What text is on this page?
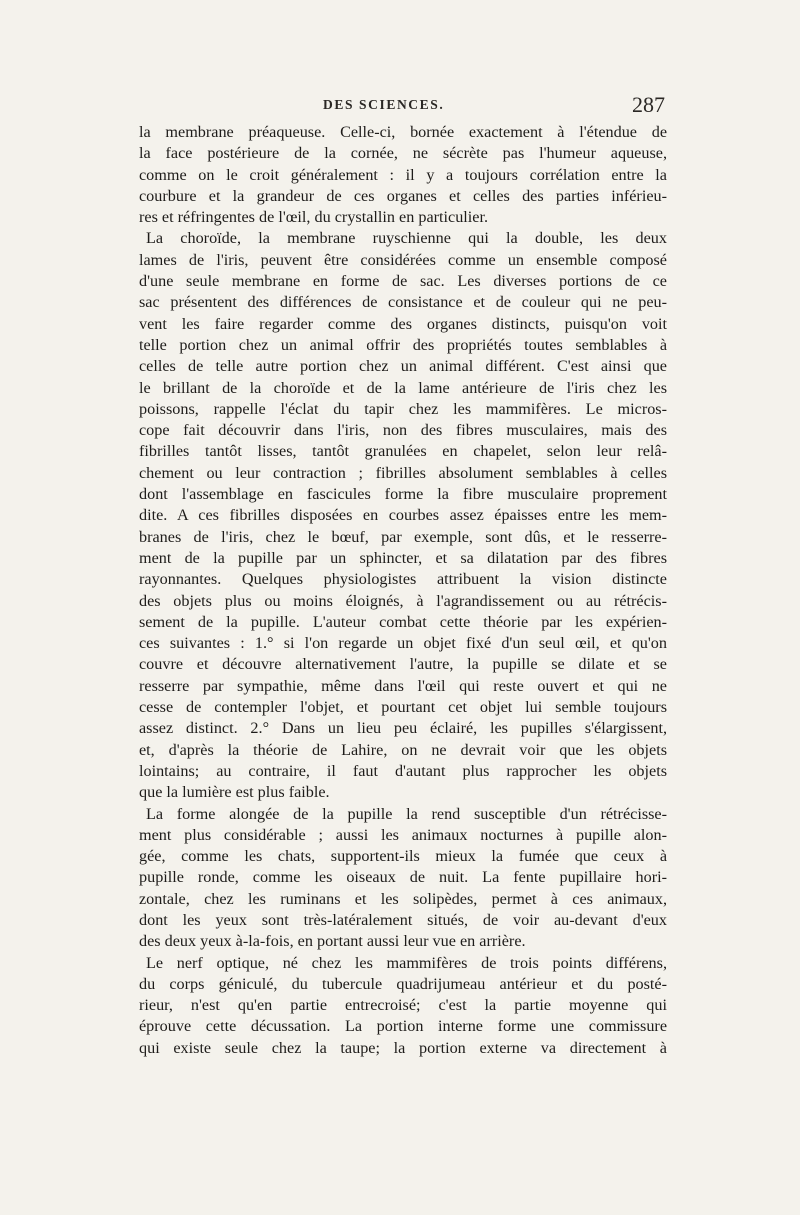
DES SCIENCES.	287
la membrane préaqueuse. Celle-ci, bornée exactement à l'étendue de
la face postérieure de la cornée, ne sécrète pas l'humeur aqueuse,
comme on le croit généralement : il y a toujours corrélation entre la
courbure et la grandeur de ces organes et celles des parties inférieu-
res et réfringentes de l'œil, du crystallin en particulier.
La choroïde, la membrane ruyschienne qui la double, les deux
lames de l'iris, peuvent être considérées comme un ensemble composé
d'une seule membrane en forme de sac. Les diverses portions de ce
sac présentent des différences de consistance et de couleur qui ne peu-
vent les faire regarder comme des organes distincts, puisqu'on voit
telle portion chez un animal offrir des propriétés toutes semblables à
celles de telle autre portion chez un animal différent. C'est ainsi que
le brillant de la choroïde et de la lame antérieure de l'iris chez les
poissons, rappelle l'éclat du tapir chez les mammifères. Le micros-
cope fait découvrir dans l'iris, non des fibres musculaires, mais des
fibrilles tantôt lisses, tantôt granulées en chapelet, selon leur relâ-
chement ou leur contraction ; fibrilles absolument semblables à celles
dont l'assemblage en fascicules forme la fibre musculaire proprement
dite. A ces fibrilles disposées en courbes assez épaisses entre les mem-
branes de l'iris, chez le bœuf, par exemple, sont dûs, et le resserre-
ment de la pupille par un sphincter, et sa dilatation par des fibres
rayonnantes. Quelques physiologistes attribuent la vision distincte
des objets plus ou moins éloignés, à l'agrandissement ou au rétrécis-
sement de la pupille. L'auteur combat cette théorie par les expérien-
ces suivantes : 1.° si l'on regarde un objet fixé d'un seul œil, et qu'on
couvre et découvre alternativement l'autre, la pupille se dilate et se
resserre par sympathie, même dans l'œil qui reste ouvert et qui ne
cesse de contempler l'objet, et pourtant cet objet lui semble toujours
assez distinct. 2.° Dans un lieu peu éclairé, les pupilles s'élargissent,
et, d'après la théorie de Lahire, on ne devrait voir que les objets
lointains; au contraire, il faut d'autant plus rapprocher les objets
que la lumière est plus faible.
La forme alongée de la pupille la rend susceptible d'un rétrécisse-
ment plus considérable ; aussi les animaux nocturnes à pupille alon-
gée, comme les chats, supportent-ils mieux la fumée que ceux à
pupille ronde, comme les oiseaux de nuit. La fente pupillaire hori-
zontale, chez les ruminans et les solipèdes, permet à ces animaux,
dont les yeux sont très-latéralement situés, de voir au-devant d'eux
des deux yeux à-la-fois, en portant aussi leur vue en arrière.
Le nerf optique, né chez les mammifères de trois points différens,
du corps géniculé, du tubercule quadrijumeau antérieur et du posté-
rieur, n'est qu'en partie entrecroisé; c'est la partie moyenne qui
éprouve cette décussation. La portion interne forme une commissure
qui existe seule chez la taupe; la portion externe va directement à
